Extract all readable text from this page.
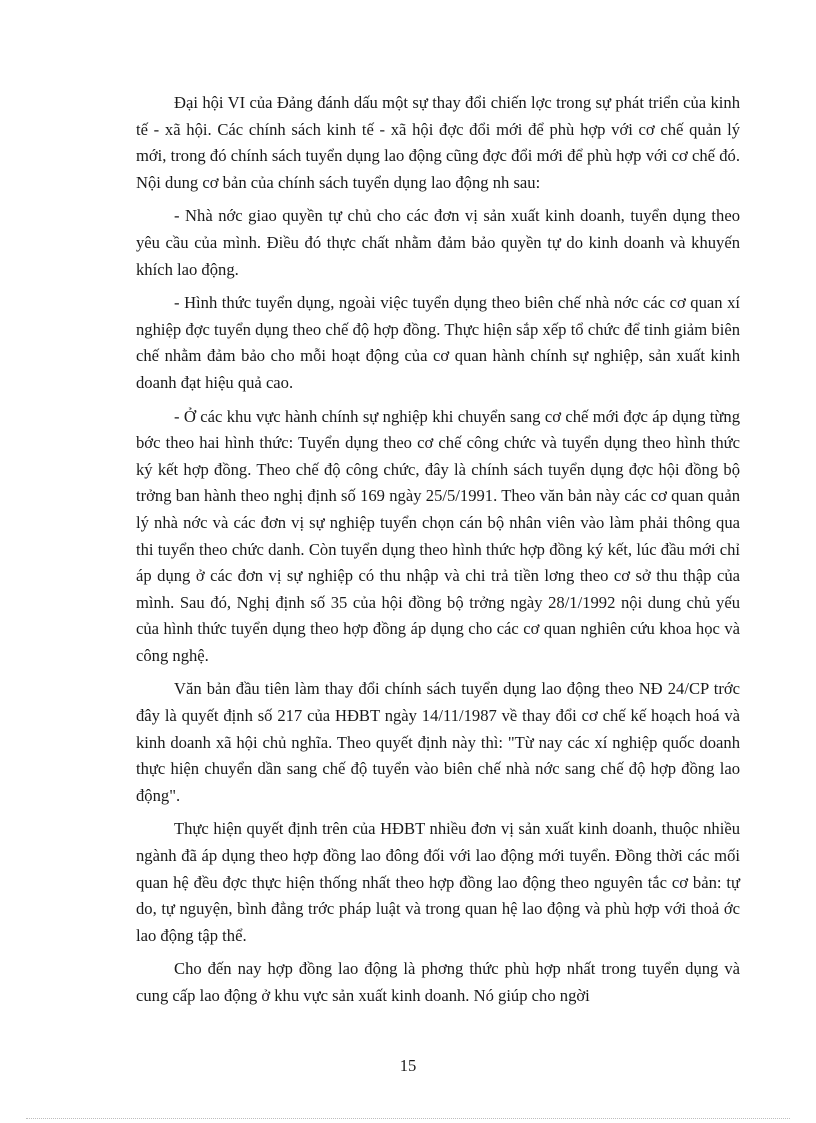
Đại hội VI của Đảng đánh dấu một sự thay đổi chiến lợc trong sự phát triển của kinh tế - xã hội. Các chính sách kinh tế - xã hội đợc đổi mới để phù hợp với cơ chế quản lý mới, trong đó chính sách tuyển dụng lao động cũng đợc đổi mới để phù hợp với cơ chế đó. Nội dung cơ bản của chính sách tuyển dụng lao động nh sau:

- Nhà nớc giao quyền tự chủ cho các đơn vị sản xuất kinh doanh, tuyển dụng theo yêu cầu của mình. Điều đó thực chất nhằm đảm bảo quyền tự do kinh doanh và khuyến khích lao động.

- Hình thức tuyển dụng, ngoài việc tuyển dụng theo biên chế nhà nớc các cơ quan xí nghiệp đợc tuyển dụng theo chế độ hợp đồng. Thực hiện sắp xếp tổ chức để tinh giảm biên chế nhằm đảm bảo cho mỗi hoạt động của cơ quan hành chính sự nghiệp, sản xuất kinh doanh đạt hiệu quả cao.

- Ở các khu vực hành chính sự nghiệp khi chuyển sang cơ chế mới đợc áp dụng từng bớc theo hai hình thức: Tuyển dụng theo cơ chế công chức và tuyển dụng theo hình thức ký kết hợp đồng. Theo chế độ công chức, đây là chính sách tuyển dụng đợc hội đồng bộ trởng ban hành theo nghị định số 169 ngày 25/5/1991. Theo văn bản này các cơ quan quản lý nhà nớc và các đơn vị sự nghiệp tuyển chọn cán bộ nhân viên vào làm phải thông qua thi tuyển theo chức danh. Còn tuyển dụng theo hình thức hợp đồng ký kết, lúc đầu mới chỉ áp dụng ở các đơn vị sự nghiệp có thu nhập và chi trả tiền lơng theo cơ sở thu thập của mình. Sau đó, Nghị định số 35 của hội đồng bộ trởng ngày 28/1/1992 nội dung chủ yếu của hình thức tuyển dụng theo hợp đồng áp dụng cho các cơ quan nghiên cứu khoa học và công nghệ.

Văn bản đầu tiên làm thay đổi chính sách tuyển dụng lao động theo NĐ 24/CP trớc đây là quyết định số 217 của HĐBT ngày 14/11/1987 về thay đổi cơ chế kế hoạch hoá và kinh doanh xã hội chủ nghĩa. Theo quyết định này thì: "Từ nay các xí nghiệp quốc doanh thực hiện chuyển dần sang chế độ tuyển vào biên chế nhà nớc sang chế độ hợp đồng lao động".

Thực hiện quyết định trên của HĐBT nhiều đơn vị sản xuất kinh doanh, thuộc nhiều ngành đã áp dụng theo hợp đồng lao đông đối với lao động mới tuyển. Đồng thời các mối quan hệ đều đợc thực hiện thống nhất theo hợp đồng lao động theo nguyên tắc cơ bản: tự do, tự nguyện, bình đẳng trớc pháp luật và trong quan hệ lao động và phù hợp với thoả ớc lao động tập thể.

Cho đến nay hợp đồng lao động là phơng thức phù hợp nhất trong tuyển dụng và cung cấp lao động ở khu vực sản xuất kinh doanh. Nó giúp cho ngời

15
